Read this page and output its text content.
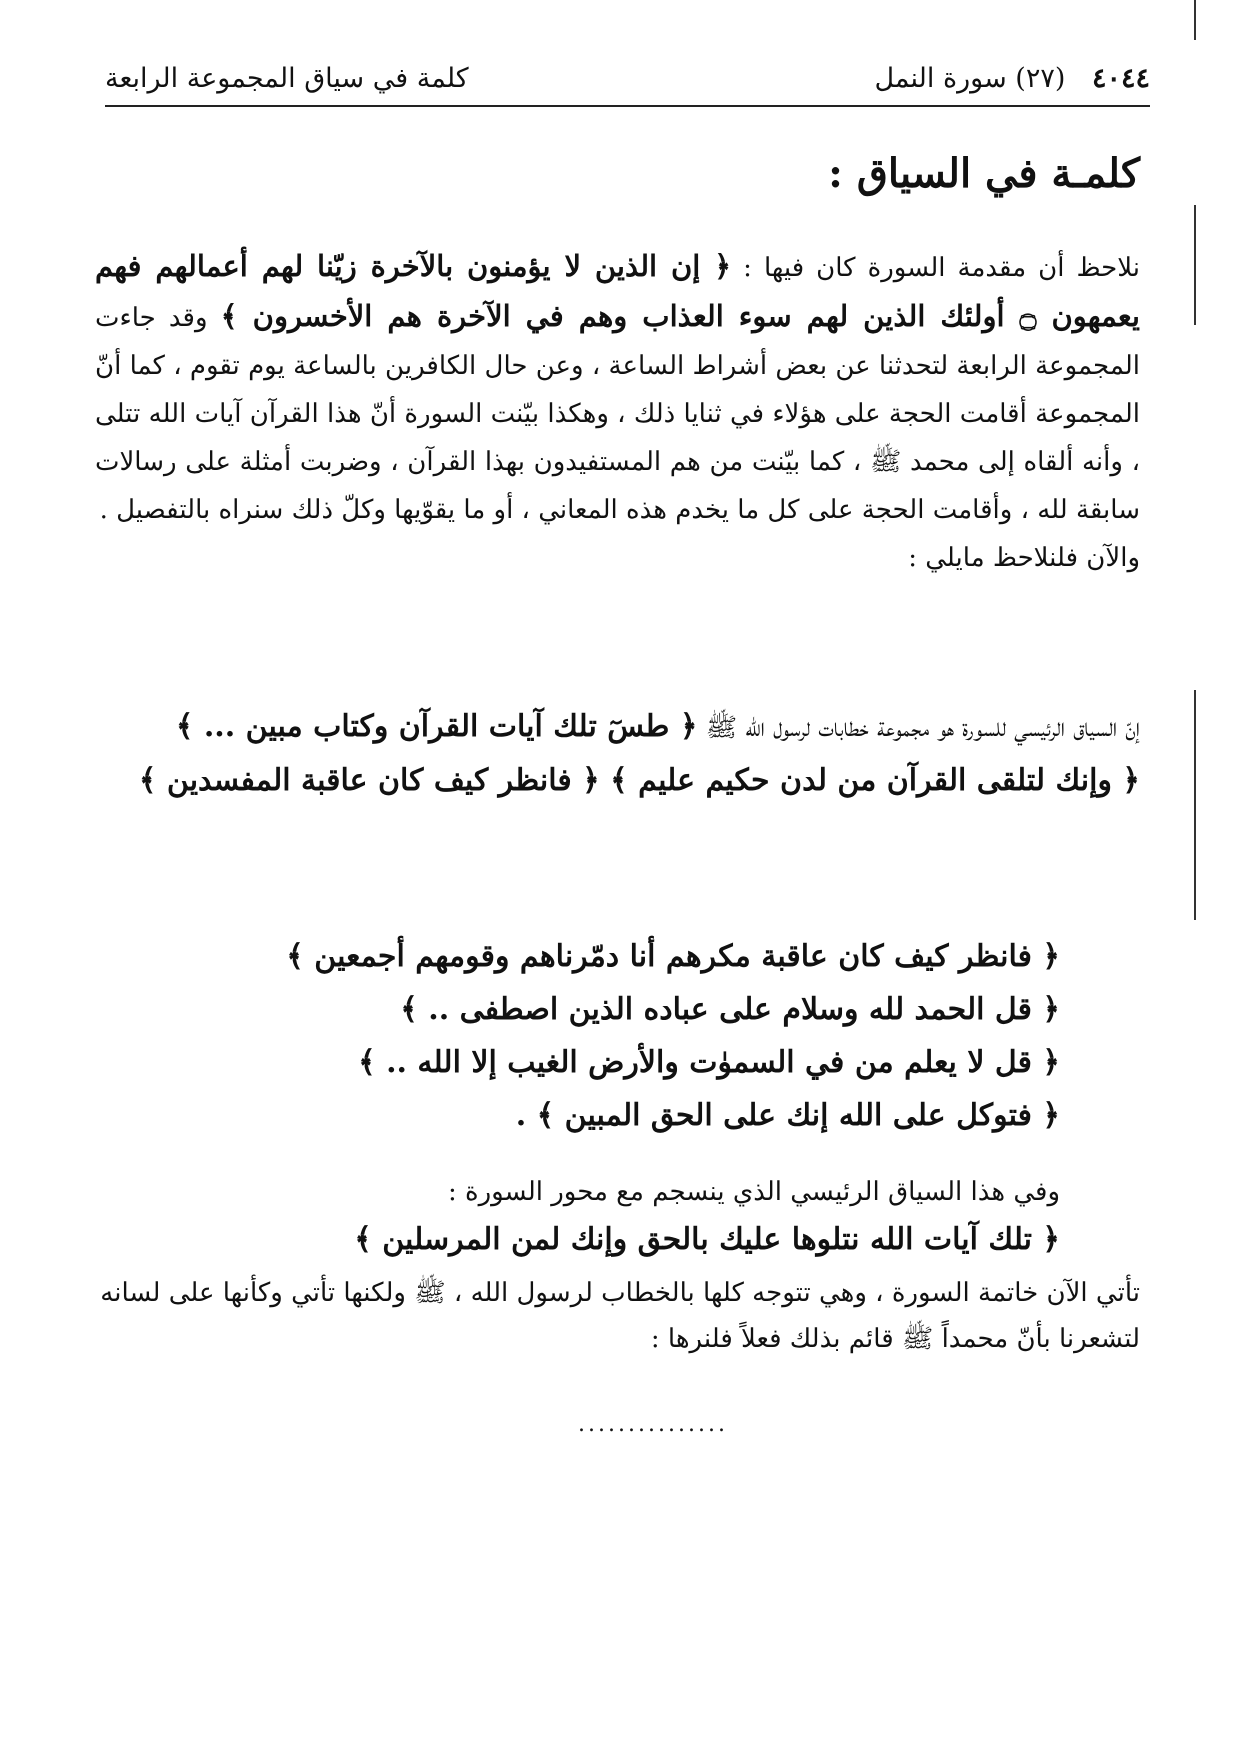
٤٠٤٤ (٢٧) سورة النمل
كلمة في سياق المجموعة الرابعة
كلمـة في السياق :

نلاحظ أن مقدمة السورة كان فيها : ﴿ إن الذين لا يؤمنون بالآخرة زيّنا لهم أعمالهم فهم يعمهون ۝ أولئك الذين لهم سوء العذاب وهم في الآخرة هم الأخسرون ﴾ وقد جاءت المجموعة الرابعة لتحدثنا عن بعض أشراط الساعة ، وعن حال الكافرين بالساعة يوم تقوم ، كما أنّ المجموعة أقامت الحجة على هؤلاء في ثنايا ذلك ، وهكذا بيّنت السورة أنّ هذا القرآن آيات الله تتلى ، وأنه ألقاه إلى محمد ﷺ ، كما بيّنت من هم المستفيدون بهذا القرآن ، وضربت أمثلة على رسالات سابقة لله ، وأقامت الحجة على كل ما يخدم هذه المعاني ، أو ما يقوّيها وكلّ ذلك سنراه بالتفصيل .

والآن فلنلاحظ مايلي :

إنّ السياق الرئيسي للسورة هو مجموعة خطابات لرسول الله ﷺ ﴿ طسٓ تلك آيات القرآن وكتاب مبين ... ﴾

﴿ وإنك لتلقى القرآن من لدن حكيم عليم ﴾ ﴿ فانظر كيف كان عاقبة المفسدين ﴾

﴿ فانظر كيف كان عاقبة مكرهم أنا دمّرناهم وقومهم أجمعين ﴾
﴿ قل الحمد لله وسلام على عباده الذين اصطفى .. ﴾
﴿ قل لا يعلم من في السموٰت والأرض الغيب إلا الله .. ﴾
﴿ فتوكل على الله إنك على الحق المبين ﴾ .
وفي هذا السياق الرئيسي الذي ينسجم مع محور السورة :
﴿ تلك آيات الله نتلوها عليك بالحق وإنك لمن المرسلين ﴾
تأتي الآن خاتمة السورة ، وهي تتوجه كلها بالخطاب لرسول الله ، ﷺ ولكنها تأتي وكأنها على لسانه لتشعرنا بأنّ محمداً ﷺ قائم بذلك فعلاً فلنرها :
...............
